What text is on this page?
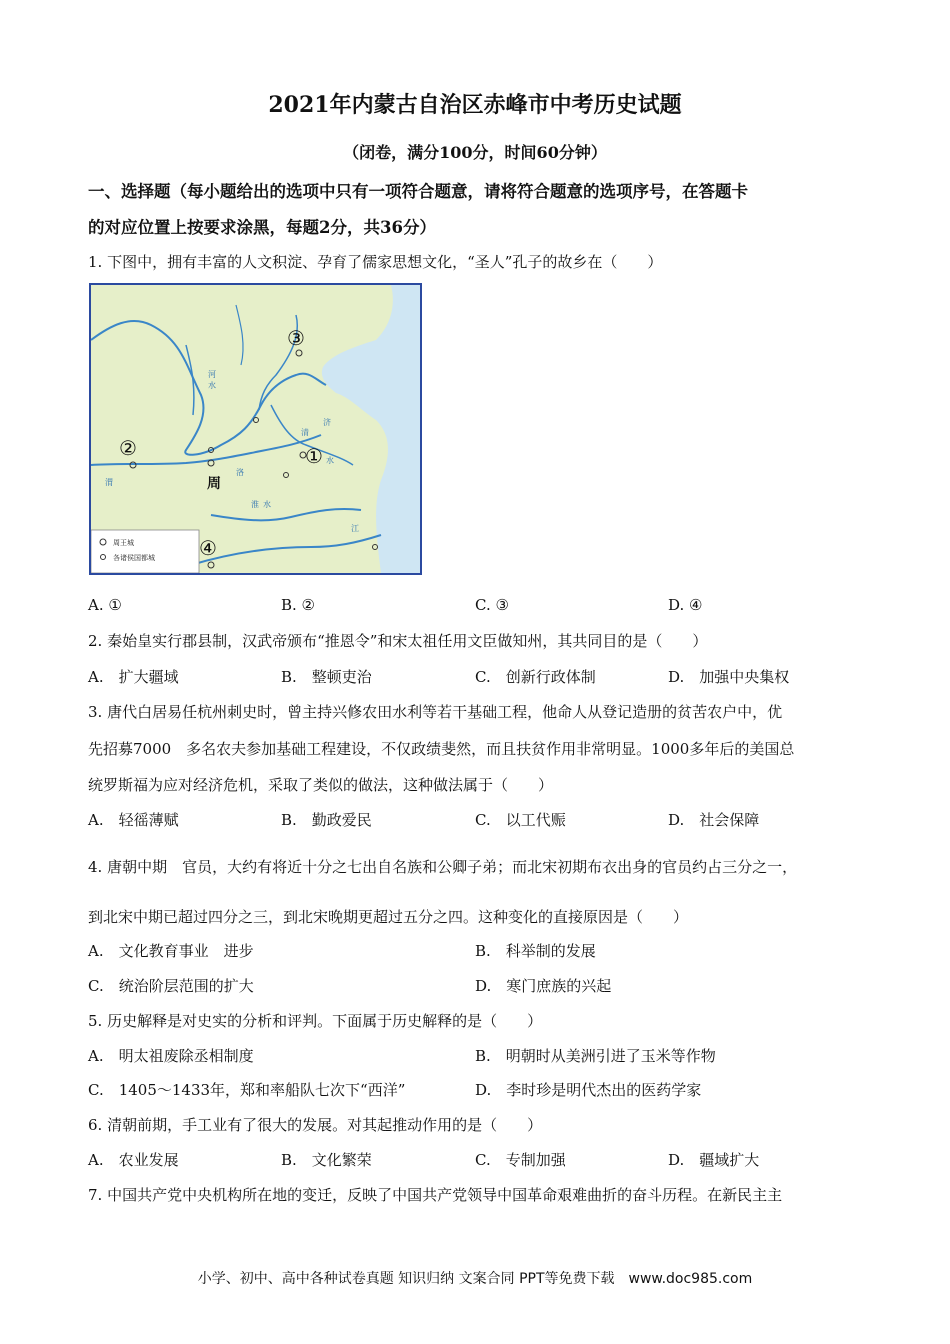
2021年内蒙古自治区赤峰市中考历史试题
（闭卷，满分100分，时间60分钟）
一、选择题（每小题给出的选项中只有一项符合题意，请将符合题意的选项序号，在答题卡
的对应位置上按要求涂黑，每题2分，共36分）
1. 下图中，拥有丰富的人文积淀、孕育了儒家思想文化，“圣人”孔子的故乡在（　　）
③
②	①
④
周
河
水
渭
济
水
淮 水
江
洛
清
周王城
各诸侯国都城
A. ①	B. ②	C. ③	D. ④
2. 秦始皇实行郡县制，汉武帝颁布“推恩令”和宋太祖任用文臣做知州，其共同目的是（　　）
A.　扩大疆域	B.　整顿吏治	C.　创新行政体制	D.　加强中央集权
3. 唐代白居易任杭州刺史时，曾主持兴修农田水利等若干基础工程，他命人从登记造册的贫苦农户中，优
先招募7000　多名农夫参加基础工程建设，不仅政绩斐然，而且扶贫作用非常明显。1000多年后的美国总
统罗斯福为应对经济危机，采取了类似的做法，这种做法属于（　　）
A.　轻徭薄赋	B.　勤政爱民	C.　以工代赈	D.　社会保障
4. 唐朝中期　官员，大约有将近十分之七出自名族和公卿子弟；而北宋初期布衣出身的官员约占三分之一，
到北宋中期已超过四分之三，到北宋晚期更超过五分之四。这种变化的直接原因是（　　）
A.　文化教育事业　进步	B.　科举制的发展
C.　统治阶层范围的扩大	D.　寒门庶族的兴起
5. 历史解释是对史实的分析和评判。下面属于历史解释的是（　　）
A.　明太祖废除丞相制度	B.　明朝时从美洲引进了玉米等作物
C.　1405～1433年，郑和率船队七次下“西洋”	D.　李时珍是明代杰出的医药学家
6. 清朝前期，手工业有了很大的发展。对其起推动作用的是（　　）
A.　农业发展	B.　文化繁荣	C.　专制加强	D.　疆域扩大
7. 中国共产党中央机构所在地的变迁，反映了中国共产党领导中国革命艰难曲折的奋斗历程。在新民主主
小学、初中、高中各种试卷真题 知识归纳 文案合同 PPT等免费下载　www.doc985.com
